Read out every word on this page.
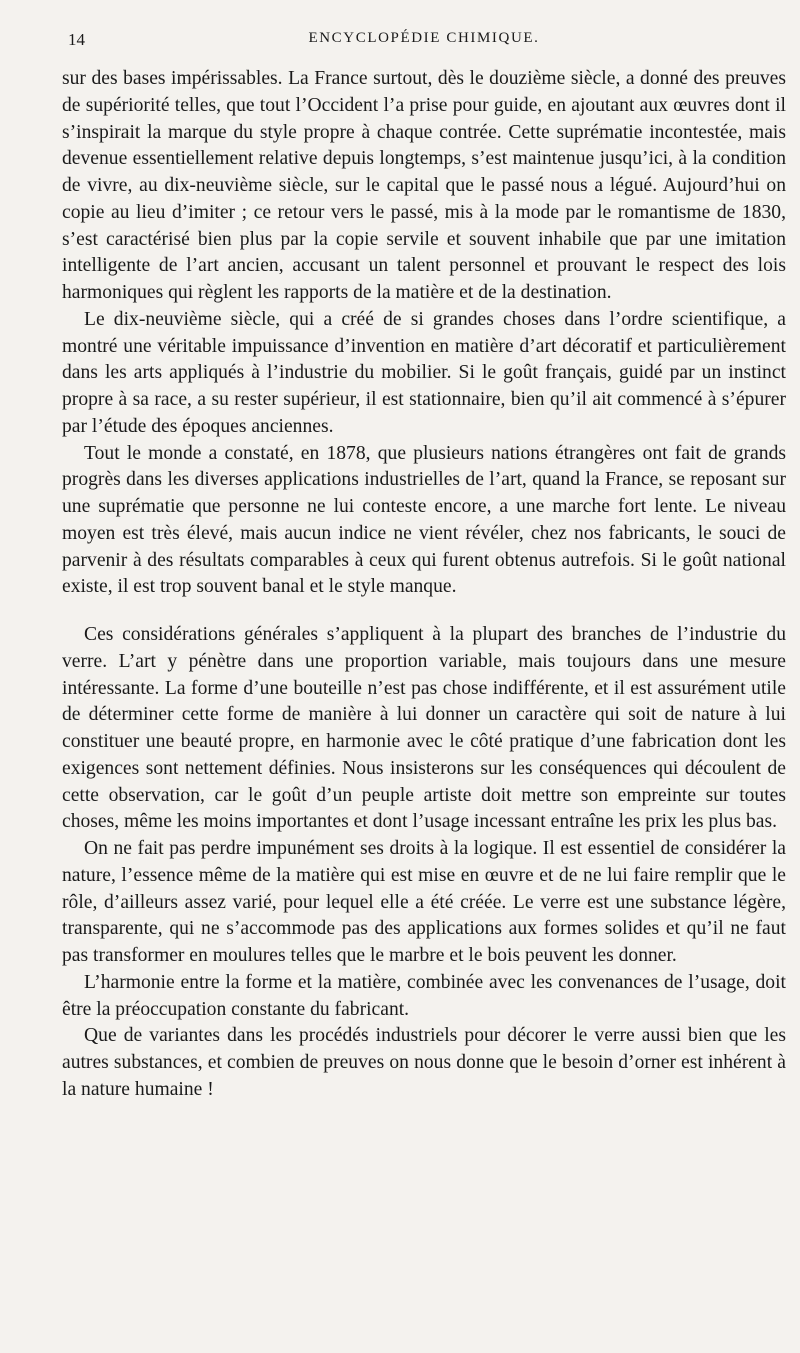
14	ENCYCLOPÉDIE CHIMIQUE.

sur des bases impérissables. La France surtout, dès le douzième siècle, a donné des preuves de supériorité telles, que tout l’Occident l’a prise pour guide, en ajoutant aux œuvres dont il s’inspirait la marque du style propre à chaque contrée. Cette suprématie incontestée, mais devenue essentiellement relative depuis longtemps, s’est maintenue jusqu’ici, à la condition de vivre, au dix-neuvième siècle, sur le capital que le passé nous a légué. Aujourd’hui on copie au lieu d’imiter ; ce retour vers le passé, mis à la mode par le romantisme de 1830, s’est caractérisé bien plus par la copie servile et souvent inhabile que par une imitation intelligente de l’art ancien, accusant un talent personnel et prouvant le respect des lois harmoniques qui règlent les rapports de la matière et de la destination.

Le dix-neuvième siècle, qui a créé de si grandes choses dans l’ordre scientifique, a montré une véritable impuissance d’invention en matière d’art décoratif et particulièrement dans les arts appliqués à l’industrie du mobilier. Si le goût français, guidé par un instinct propre à sa race, a su rester supérieur, il est stationnaire, bien qu’il ait commencé à s’épurer par l’étude des époques anciennes.

Tout le monde a constaté, en 1878, que plusieurs nations étrangères ont fait de grands progrès dans les diverses applications industrielles de l’art, quand la France, se reposant sur une suprématie que personne ne lui conteste encore, a une marche fort lente. Le niveau moyen est très élevé, mais aucun indice ne vient révéler, chez nos fabricants, le souci de parvenir à des résultats comparables à ceux qui furent obtenus autrefois. Si le goût national existe, il est trop souvent banal et le style manque.

Ces considérations générales s’appliquent à la plupart des branches de l’industrie du verre. L’art y pénètre dans une proportion variable, mais toujours dans une mesure intéressante. La forme d’une bouteille n’est pas chose indifférente, et il est assurément utile de déterminer cette forme de manière à lui donner un caractère qui soit de nature à lui constituer une beauté propre, en harmonie avec le côté pratique d’une fabrication dont les exigences sont nettement définies. Nous insisterons sur les conséquences qui découlent de cette observation, car le goût d’un peuple artiste doit mettre son empreinte sur toutes choses, même les moins importantes et dont l’usage incessant entraîne les prix les plus bas.

On ne fait pas perdre impunément ses droits à la logique. Il est essentiel de considérer la nature, l’essence même de la matière qui est mise en œuvre et de ne lui faire remplir que le rôle, d’ailleurs assez varié, pour lequel elle a été créée. Le verre est une substance légère, transparente, qui ne s’accommode pas des applications aux formes solides et qu’il ne faut pas transformer en moulures telles que le marbre et le bois peuvent les donner.

L’harmonie entre la forme et la matière, combinée avec les convenances de l’usage, doit être la préoccupation constante du fabricant.

Que de variantes dans les procédés industriels pour décorer le verre aussi bien que les autres substances, et combien de preuves on nous donne que le besoin d’orner est inhérent à la nature humaine !
